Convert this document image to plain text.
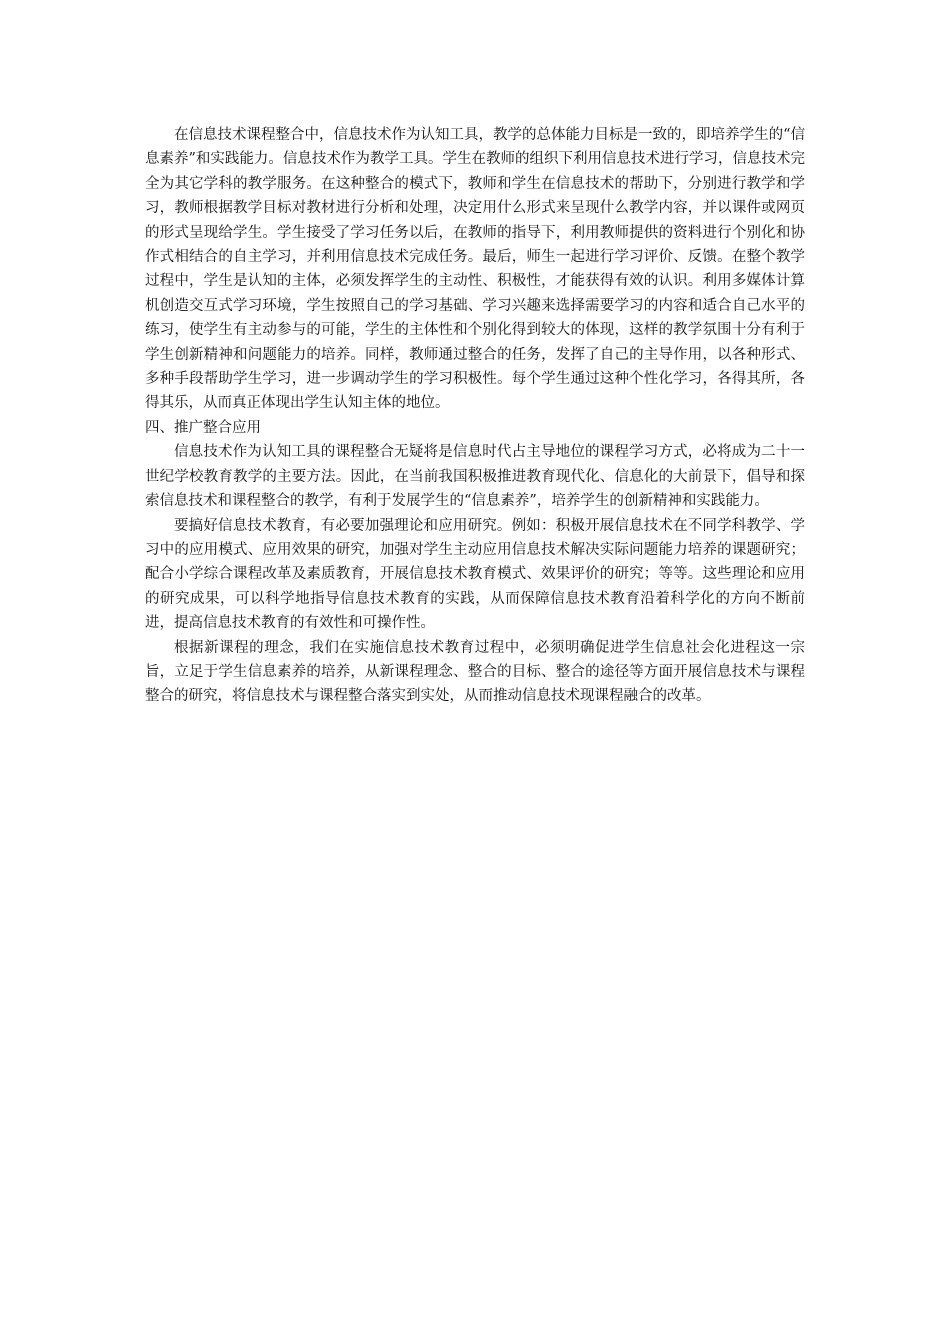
在信息技术课程整合中，信息技术作为认知工具，教学的总体能力目标是一致的，即培养学生的“信息素养”和实践能力。信息技术作为教学工具。学生在教师的组织下利用信息技术进行学习，信息技术完全为其它学科的教学服务。在这种整合的模式下，教师和学生在信息技术的帮助下，分别进行教学和学习，教师根据教学目标对教材进行分析和处理，决定用什么形式来呈现什么教学内容，并以课件或网页的形式呈现给学生。学生接受了学习任务以后，在教师的指导下，利用教师提供的资料进行个别化和协作式相结合的自主学习，并利用信息技术完成任务。最后，师生一起进行学习评价、反馈。在整个教学过程中，学生是认知的主体，必须发挥学生的主动性、积极性，才能获得有效的认识。利用多媒体计算机创造交互式学习环境，学生按照自己的学习基础、学习兴趣来选择需要学习的内容和适合自己水平的练习，使学生有主动参与的可能，学生的主体性和个别化得到较大的体现，这样的教学氛围十分有利于学生创新精神和问题能力的培养。同样，教师通过整合的任务，发挥了自己的主导作用，以各种形式、多种手段帮助学生学习，进一步调动学生的学习积极性。每个学生通过这种个性化学习，各得其所，各得其乐，从而真正体现出学生认知主体的地位。

四、推广整合应用

信息技术作为认知工具的课程整合无疑将是信息时代占主导地位的课程学习方式，必将成为二十一世纪学校教育教学的主要方法。因此，在当前我国积极推进教育现代化、信息化的大前景下，倡导和探索信息技术和课程整合的教学，有利于发展学生的“信息素养”，培养学生的创新精神和实践能力。

要搞好信息技术教育，有必要加强理论和应用研究。例如：积极开展信息技术在不同学科教学、学习中的应用模式、应用效果的研究，加强对学生主动应用信息技术解决实际问题能力培养的课题研究；配合小学综合课程改革及素质教育，开展信息技术教育模式、效果评价的研究；等等。这些理论和应用的研究成果，可以科学地指导信息技术教育的实践，从而保障信息技术教育沿着科学化的方向不断前进，提高信息技术教育的有效性和可操作性。

根据新课程的理念，我们在实施信息技术教育过程中，必须明确促进学生信息社会化进程这一宗旨，立足于学生信息素养的培养，从新课程理念、整合的目标、整合的途径等方面开展信息技术与课程整合的研究，将信息技术与课程整合落实到实处，从而推动信息技术现课程融合的改革。
